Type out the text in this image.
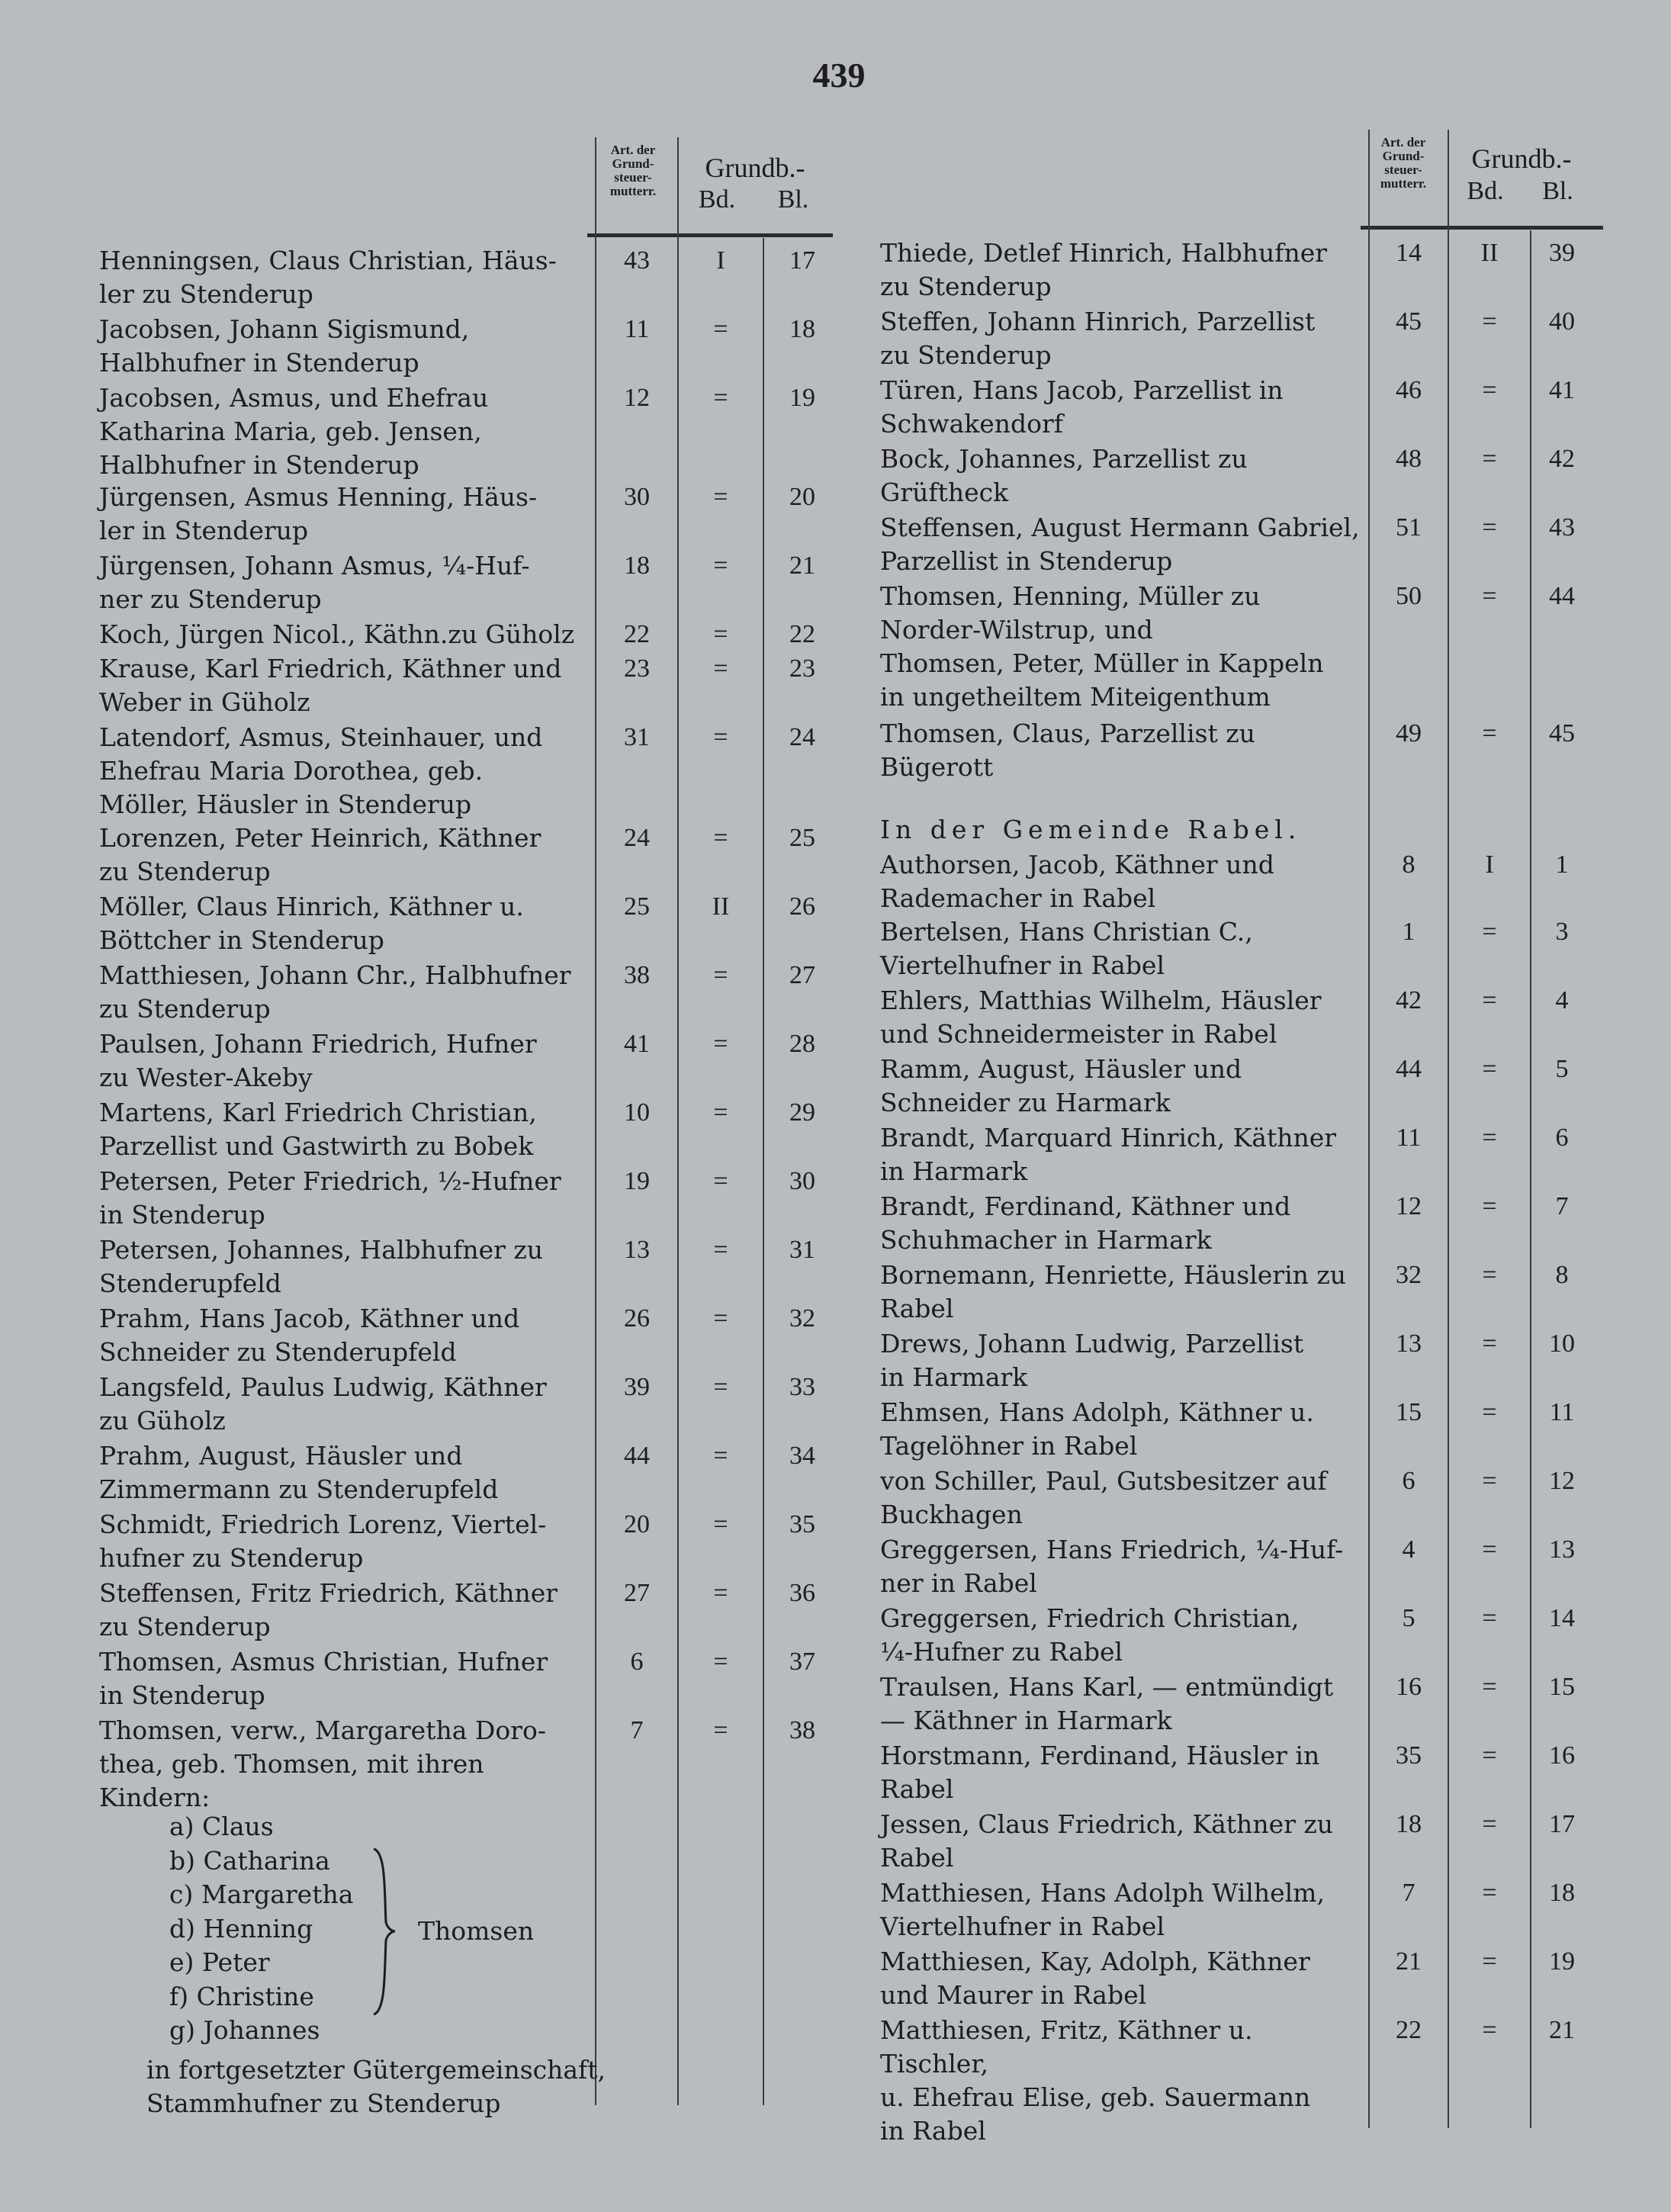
439
Art. der
Grund-
steuer-
mutterr.
Grundb.-
Bd. Bl.
Henningsen, Claus Christian, Häus-
ler zu Stenderup
43	I	17
Jacobsen, Johann Sigismund,
Halbhufner in Stenderup
11	=	18
Jacobsen, Asmus, und Ehefrau
Katharina Maria, geb. Jensen,
Halbhufner in Stenderup
12	=	19
Jürgensen, Asmus Henning, Häus-
ler in Stenderup
30	=	20
Jürgensen, Johann Asmus, ¼-Huf-
ner zu Stenderup
18	=	21
Koch, Jürgen Nicol., Käthn.zu Güholz	22	=	22
Krause, Karl Friedrich, Käthner und
Weber in Güholz
23	=	23
Latendorf, Asmus, Steinhauer, und
Ehefrau Maria Dorothea, geb.
Möller, Häusler in Stenderup
31	=	24
Lorenzen, Peter Heinrich, Käthner
zu Stenderup
24	=	25
Möller, Claus Hinrich, Käthner u.
Böttcher in Stenderup
25	II	26
Matthiesen, Johann Chr., Halbhufner
zu Stenderup
38	=	27
Paulsen, Johann Friedrich, Hufner
zu Wester-Akeby
41	=	28
Martens, Karl Friedrich Christian,
Parzellist und Gastwirth zu Bobek
10	=	29
Petersen, Peter Friedrich, ½-Hufner
in Stenderup
19	=	30
Petersen, Johannes, Halbhufner zu
Stenderupfeld
13	=	31
Prahm, Hans Jacob, Käthner und
Schneider zu Stenderupfeld
26	=	32
Langsfeld, Paulus Ludwig, Käthner
zu Güholz
39	=	33
Prahm, August, Häusler und
Zimmermann zu Stenderupfeld
44	=	34
Schmidt, Friedrich Lorenz, Viertel-
hufner zu Stenderup
20	=	35
Steffensen, Fritz Friedrich, Käthner
zu Stenderup
27	=	36
Thomsen, Asmus Christian, Hufner
in Stenderup
6	=	37
Thomsen, verw., Margaretha Doro-
thea, geb. Thomsen, mit ihren
Kindern:
7	=	38
a) Claus
b) Catharina
c) Margaretha
d) Henning
e) Peter
f) Christine
g) Johannes
Thomsen
in fortgesetzter Gütergemeinschaft,
Stammhufner zu Stenderup
Art. der
Grund-
steuer-
mutterr.
Grundb.-
Bd. Bl.
Thiede, Detlef Hinrich, Halbhufner
zu Stenderup
14	II	39
Steffen, Johann Hinrich, Parzellist
zu Stenderup
45	=	40
Türen, Hans Jacob, Parzellist in
Schwakendorf
46	=	41
Bock, Johannes, Parzellist zu
Grüftheck
48	=	42
Steffensen, August Hermann Gabriel,
Parzellist in Stenderup
51	=	43
Thomsen, Henning, Müller zu
Norder-Wilstrup, und
Thomsen, Peter, Müller in Kappeln
in ungetheiltem Miteigenthum
50	=	44
Thomsen, Claus, Parzellist zu
Bügerott
49	=	45
In der Gemeinde Rabel.
Authorsen, Jacob, Käthner und
Rademacher in Rabel
8	I	1
Bertelsen, Hans Christian C.,
Viertelhufner in Rabel
1	=	3
Ehlers, Matthias Wilhelm, Häusler
und Schneidermeister in Rabel
42	=	4
Ramm, August, Häusler und
Schneider zu Harmark
44	=	5
Brandt, Marquard Hinrich, Käthner
in Harmark
11	=	6
Brandt, Ferdinand, Käthner und
Schuhmacher in Harmark
12	=	7
Bornemann, Henriette, Häuslerin zu
Rabel
32	=	8
Drews, Johann Ludwig, Parzellist
in Harmark
13	=	10
Ehmsen, Hans Adolph, Käthner u.
Tagelöhner in Rabel
15	=	11
von Schiller, Paul, Gutsbesitzer auf
Buckhagen
6	=	12
Greggersen, Hans Friedrich, ¼-Huf-
ner in Rabel
4	=	13
Greggersen, Friedrich Christian,
¼-Hufner zu Rabel
5	=	14
Traulsen, Hans Karl, — entmündigt
— Käthner in Harmark
16	=	15
Horstmann, Ferdinand, Häusler in
Rabel
35	=	16
Jessen, Claus Friedrich, Käthner zu
Rabel
18	=	17
Matthiesen, Hans Adolph Wilhelm,
Viertelhufner in Rabel
7	=	18
Matthiesen, Kay, Adolph, Käthner
und Maurer in Rabel
21	=	19
Matthiesen, Fritz, Käthner u. Tischler,
u. Ehefrau Elise, geb. Sauermann
in Rabel
22	=	21
